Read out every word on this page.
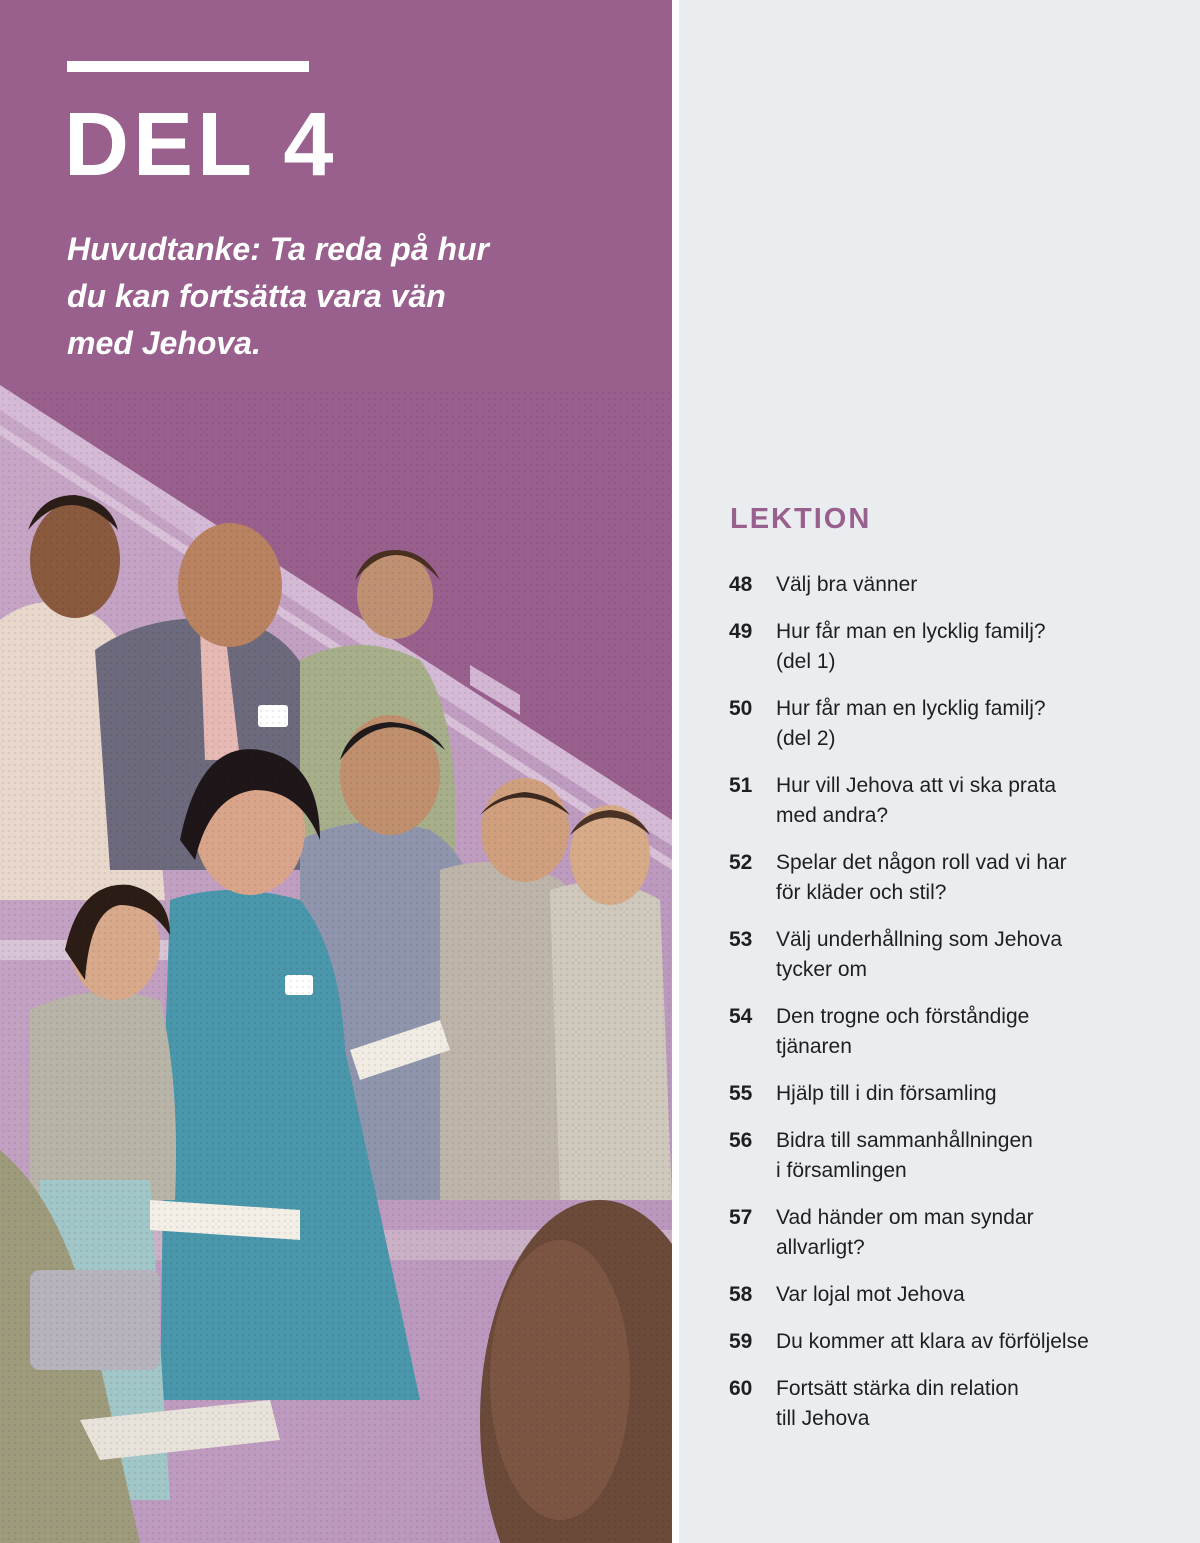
DEL 4

Huvudtanke: Ta reda på hur du kan fortsätta vara vän med Jehova.

LEKTION
48	Välj bra vänner
49	Hur får man en lycklig familj?
(del 1)
50	Hur får man en lycklig familj?
(del 2)
51	Hur vill Jehova att vi ska prata
med andra?
52	Spelar det någon roll vad vi har
för kläder och stil?
53	Välj underhållning som Jehova
tycker om
54	Den trogne och förståndige
tjänaren
55	Hjälp till i din församling
56	Bidra till sammanhållningen
i församlingen
57	Vad händer om man syndar
allvarligt?
58	Var lojal mot Jehova
59	Du kommer att klara av förföljelse
60	Fortsätt stärka din relation
till Jehova
